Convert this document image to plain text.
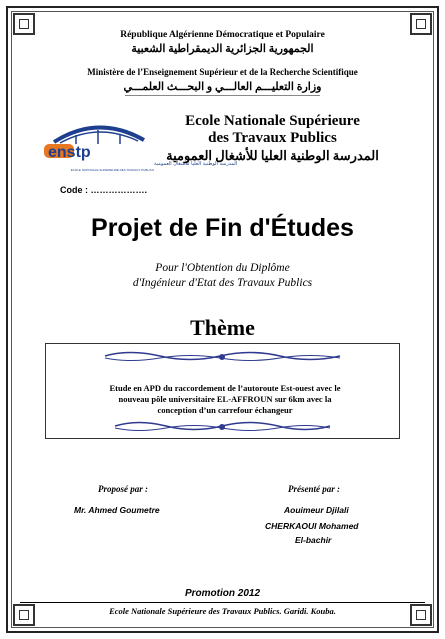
République Algérienne Démocratique et Populaire
الجمهورية الجزائرية الديمقراطية الشعبية
Ministère de l’Enseignement Supérieur et de la Recherche Scientifique
وزارة التعليـــم العالـــي و البحـــث العلمـــي
enstp
المدرسة الوطنية العليا للأشغال العمومية
ECOLE NATIONALE SUPERIEURE DES TRAVAUX PUBLICS
Ecole Nationale Supérieure
des Travaux Publics
المدرسة الوطنية العليا للأشغال العمومية
Code : ……………….
Projet de Fin d'Études
Pour l'Obtention du Diplôme
d'Ingénieur d'Etat des Travaux Publics
Thème
Etude en APD du raccordement de l’autoroute Est-ouest avec le
nouveau pôle universitaire EL-AFFROUN sur 6km avec la
conception d’un carrefour échangeur
Proposé par :
Mr. Ahmed Goumetre
Présenté par :
Aouimeur Djilali
CHERKAOUI Mohamed
El-bachir
Promotion 2012
Ecole Nationale Supérieure des Travaux Publics. Garidi. Kouba.
